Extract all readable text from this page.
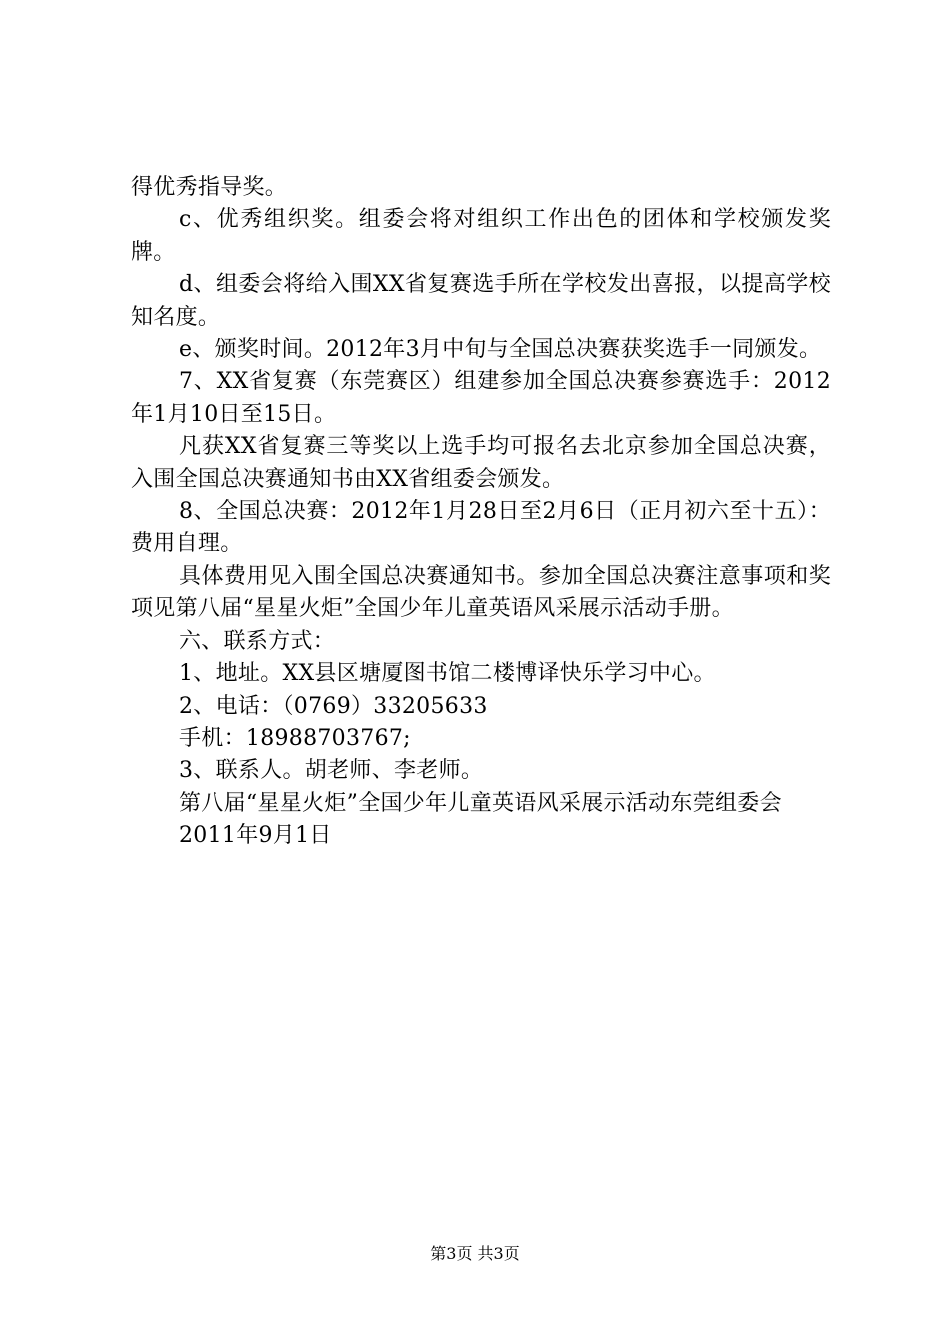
得优秀指导奖。

c、优秀组织奖。组委会将对组织工作出色的团体和学校颁发奖牌。

d、组委会将给入围XX省复赛选手所在学校发出喜报，以提高学校知名度。

e、颁奖时间。2012年3月中旬与全国总决赛获奖选手一同颁发。

7、XX省复赛（东莞赛区）组建参加全国总决赛参赛选手：2012年1月10日至15日。

凡获XX省复赛三等奖以上选手均可报名去北京参加全国总决赛，入围全国总决赛通知书由XX省组委会颁发。

8、全国总决赛：2012年1月28日至2月6日（正月初六至十五）：费用自理。

具体费用见入围全国总决赛通知书。参加全国总决赛注意事项和奖项见第八届“星星火炬”全国少年儿童英语风采展示活动手册。

六、联系方式：

1、地址。XX县区塘厦图书馆二楼博译快乐学习中心。

2、电话：（0769）33205633

手机：18988703767;

3、联系人。胡老师、李老师。

第八届“星星火炬”全国少年儿童英语风采展示活动东莞组委会

2011年9月1日

第3页 共3页
